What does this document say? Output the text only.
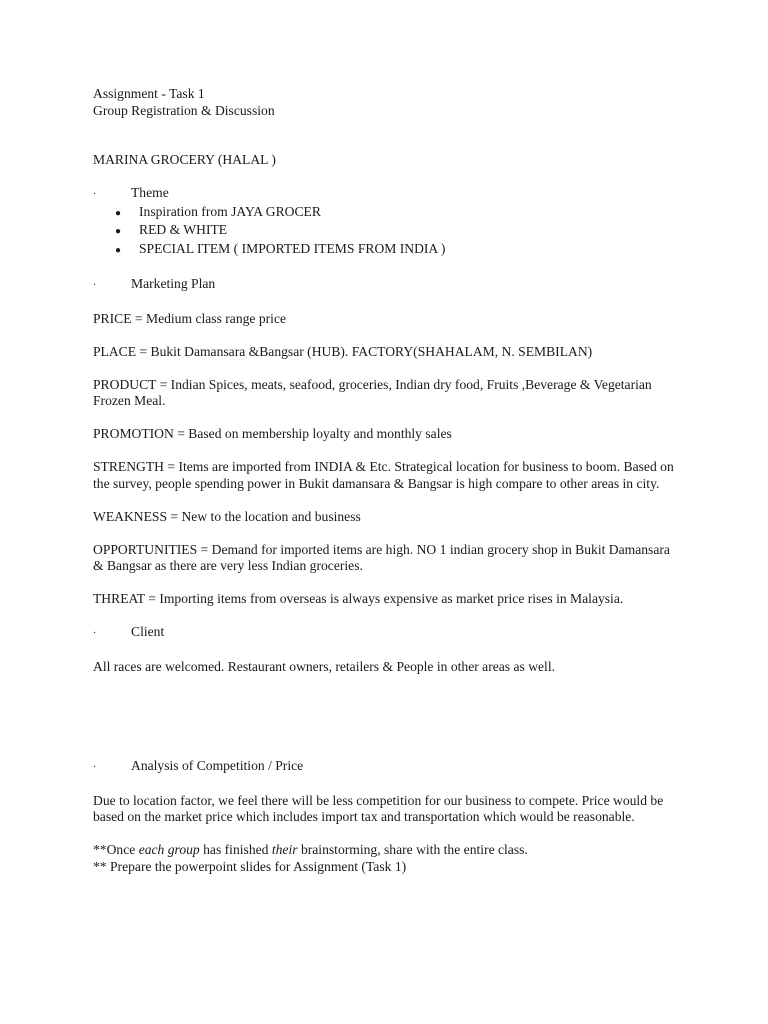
Assignment - Task 1

Group Registration & Discussion

MARINA GROCERY (HALAL )

·	Theme
●	Inspiration from JAYA GROCER
●	RED & WHITE
●	SPECIAL ITEM ( IMPORTED ITEMS FROM INDIA )
·	Marketing Plan

PRICE = Medium class range price

PLACE = Bukit Damansara &Bangsar (HUB). FACTORY(SHAHALAM, N. SEMBILAN)

PRODUCT = Indian Spices, meats, seafood, groceries, Indian dry food, Fruits ,Beverage & Vegetarian Frozen Meal.

PROMOTION = Based on membership loyalty and monthly sales

STRENGTH = Items are imported from INDIA & Etc. Strategical location for business to boom. Based on the survey, people spending power in Bukit damansara & Bangsar is high compare to other areas in city.

WEAKNESS = New to the location and business

OPPORTUNITIES = Demand for imported items are high. NO 1 indian grocery shop in Bukit Damansara & Bangsar as there are very less Indian groceries.

THREAT = Importing items from overseas is always expensive as market price rises in Malaysia.

·	Client

All races are welcomed. Restaurant owners, retailers & People in other areas as well.

·	Analysis of Competition / Price

Due to location factor, we feel there will be less competition for our business to compete. Price would be based on the market price which includes import tax and transportation which would be reasonable.

**Once each group has finished their brainstorming, share with the entire class.

** Prepare the powerpoint slides for Assignment (Task 1)
